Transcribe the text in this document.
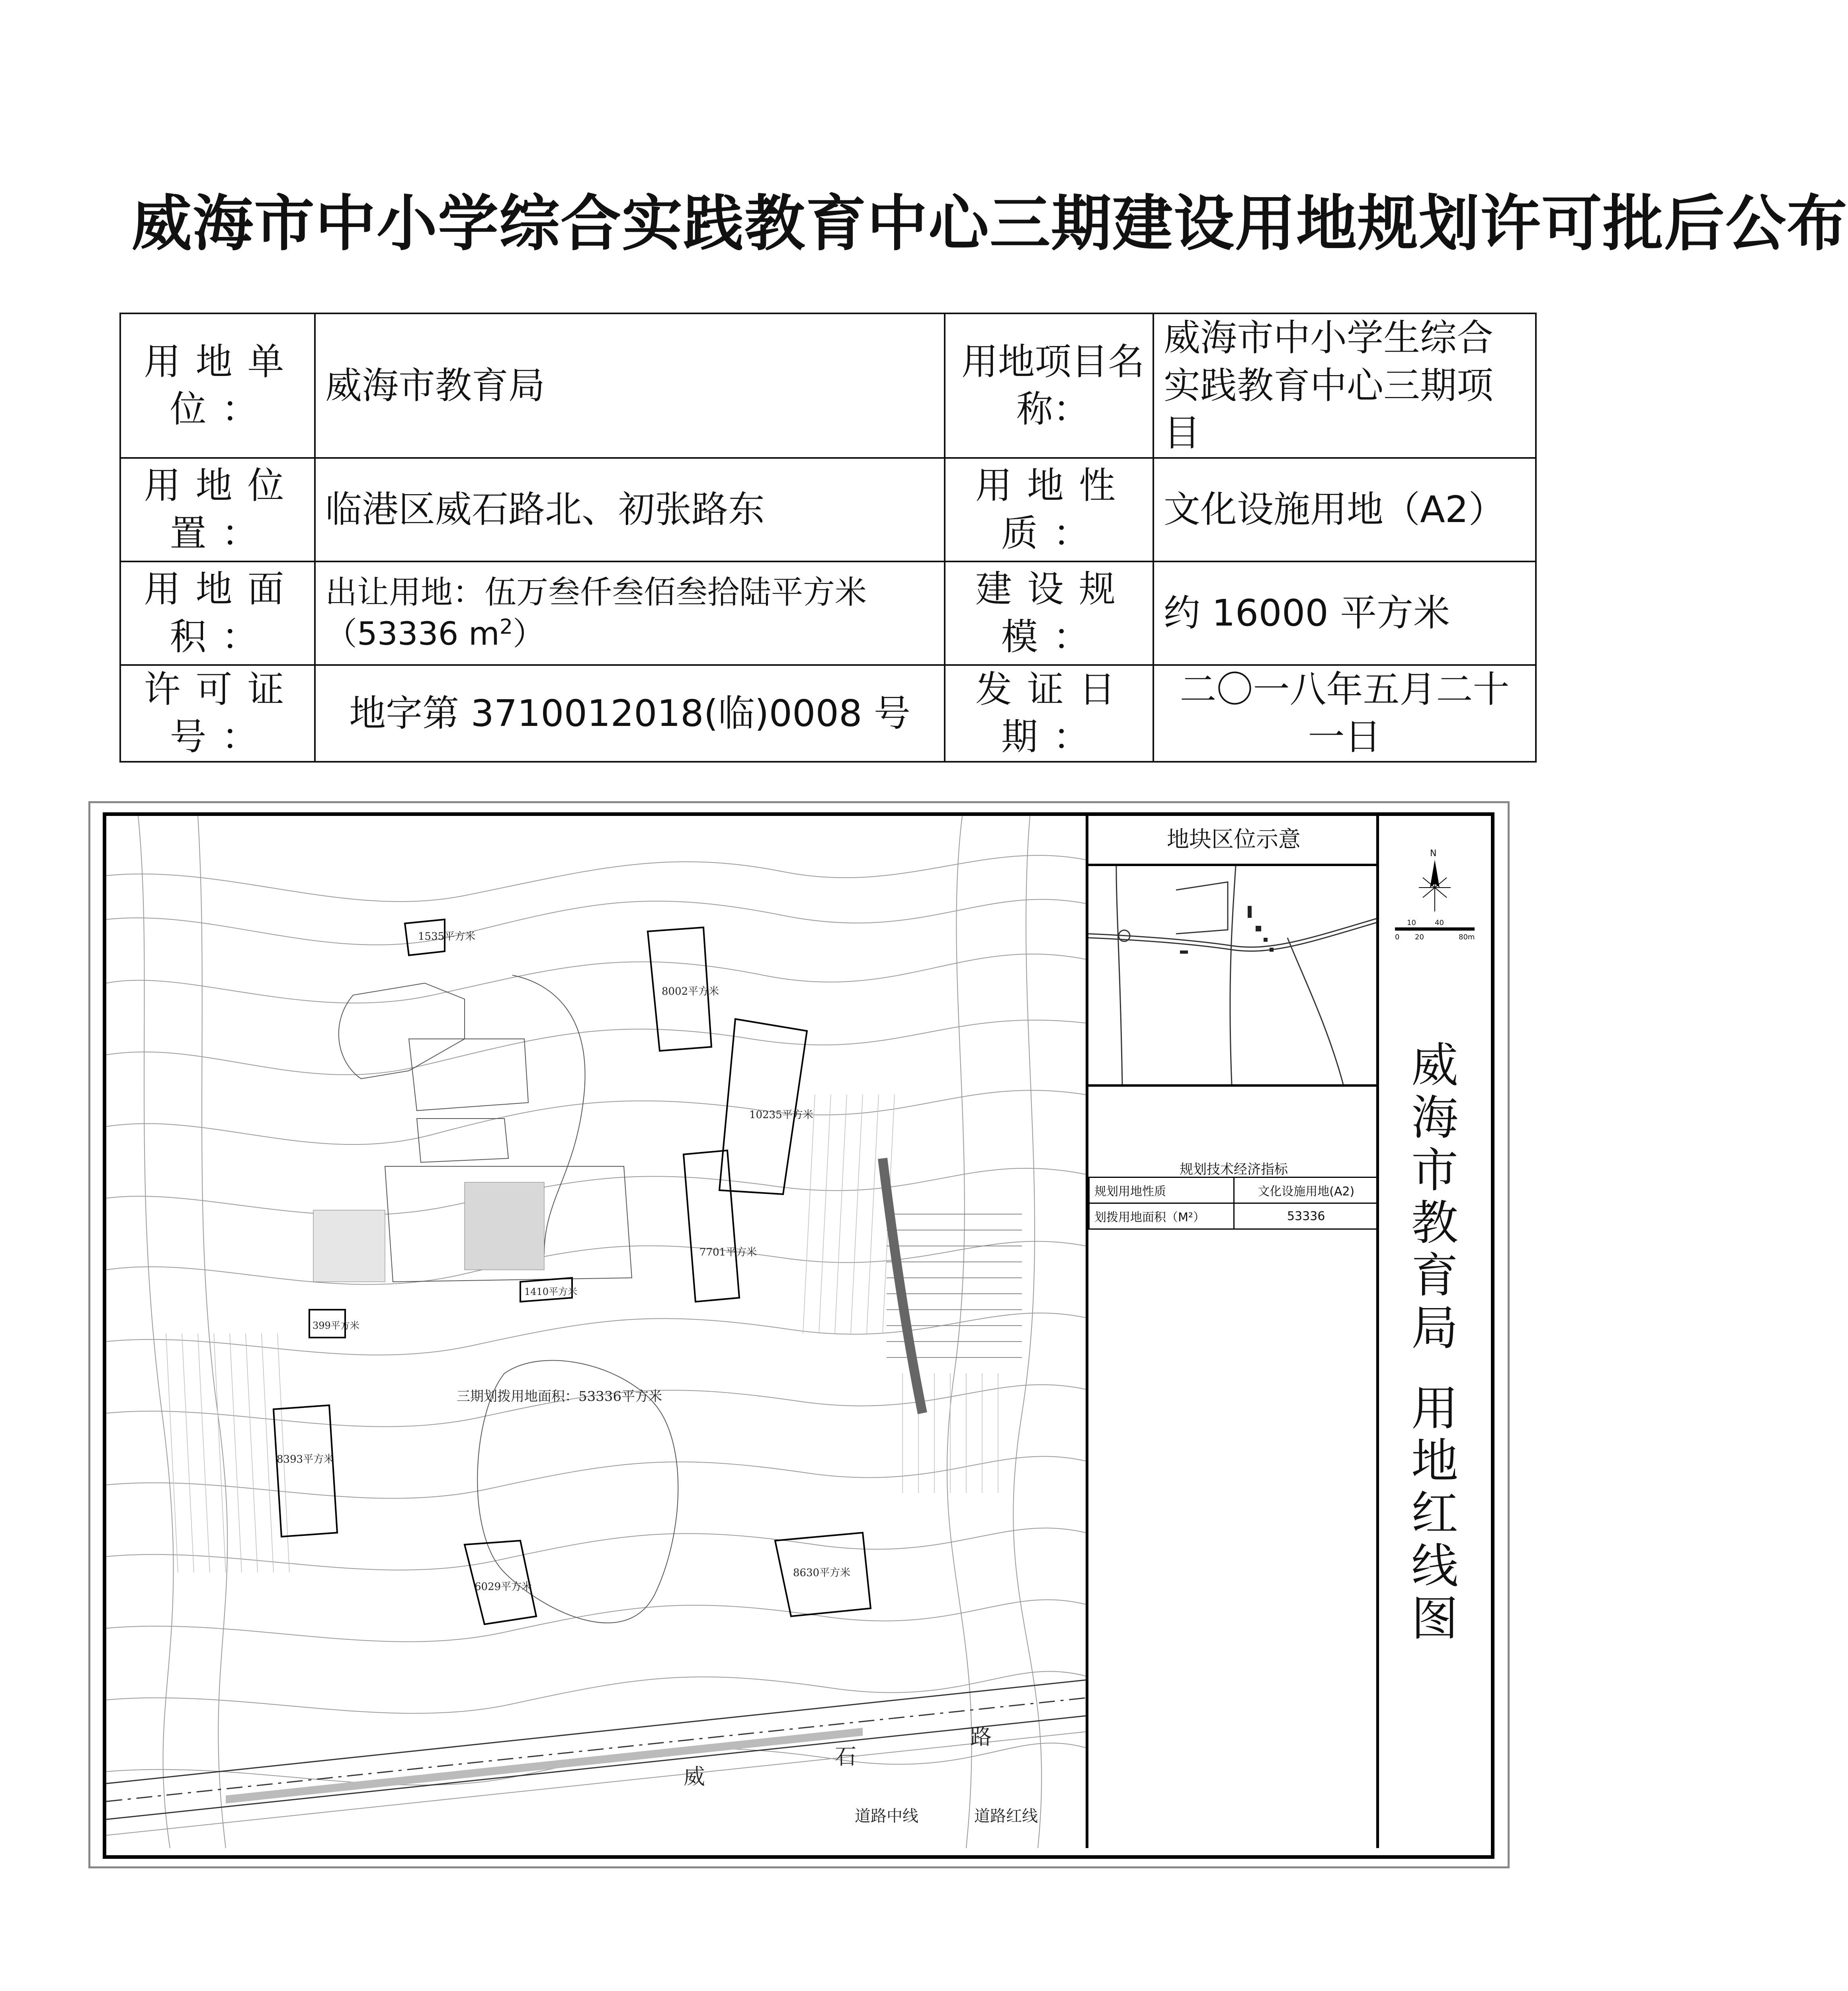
威海市中小学综合实践教育中心三期建设用地规划许可批后公布
用地单位：	威海市教育局	用地项目名称：	威海市中小学生综合实践教育中心三期项目
用地位置：	临港区威石路北、初张路东	用地性质：	文化设施用地（A2）
用地面积：	出让用地：伍万叁仟叁佰叁拾陆平方米（53336 $m^2$）	建设规模：	约 16000 平方米
许可证号：	地字第 3710012018(临)0008 号	发证日期：	二〇一八年五月二十一日
1535平方米
8002平方米
10235平方米
7701平方米
1410平方米
399平方米
8393平方米
6029平方米
8630平方米
三期划拨用地面积：53336平方米
威
石
路
道路中线	道路红线
地块区位示意
规划技术经济指标
规划用地性质	文化设施用地(A2)
划拨用地面积（M²）	53336
N
10	40
0 20	80m
威
海
市
教
育
局
用
地
红
线
图
